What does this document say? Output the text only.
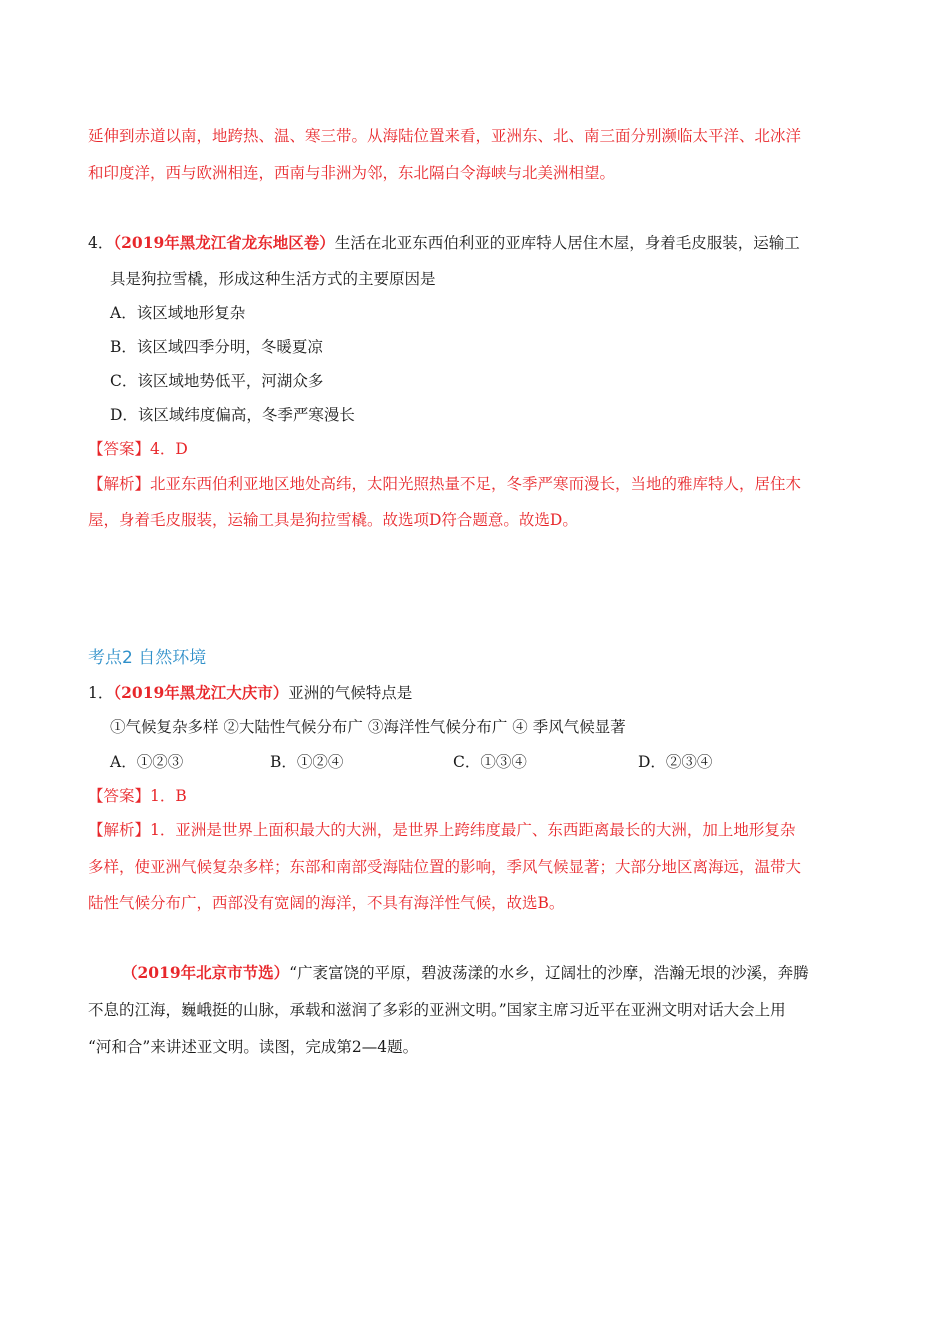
延伸到赤道以南，地跨热、温、寒三带。从海陆位置来看，亚洲东、北、南三面分别濒临太平洋、北冰洋
和印度洋，西与欧洲相连，西南与非洲为邻，东北隔白令海峡与北美洲相望。
4．（2019年黑龙江省龙东地区卷）生活在北亚东西伯利亚的亚库特人居住木屋，身着毛皮服装，运输工
具是狗拉雪橇，形成这种生活方式的主要原因是
A．该区域地形复杂
B．该区域四季分明，冬暖夏凉
C．该区域地势低平，河湖众多
D．该区域纬度偏高，冬季严寒漫长
【答案】4．D
【解析】北亚东西伯利亚地区地处高纬，太阳光照热量不足，冬季严寒而漫长，当地的雅库特人，居住木
屋，身着毛皮服装，运输工具是狗拉雪橇。故选项D符合题意。故选D。
考点2 自然环境
1．（2019年黑龙江大庆市）亚洲的气候特点是
①气候复杂多样 ②大陆性气候分布广 ③海洋性气候分布广 ④ 季风气候显著
A．①②③	B．①②④	C．①③④	D．②③④
【答案】1．B
【解析】1．亚洲是世界上面积最大的大洲，是世界上跨纬度最广、东西距离最长的大洲，加上地形复杂
多样，使亚洲气候复杂多样；东部和南部受海陆位置的影响，季风气候显著；大部分地区离海远，温带大
陆性气候分布广，西部没有宽阔的海洋，不具有海洋性气候，故选B。
（2019年北京市节选）“广袤富饶的平原，碧波荡漾的水乡，辽阔壮的沙摩，浩瀚无垠的沙溪，奔腾
不息的江海，巍峨挺的山脉，承载和滋润了多彩的亚洲文明。”国家主席习近平在亚洲文明对话大会上用
“河和合”来讲述亚文明。读图，完成第2—4题。
